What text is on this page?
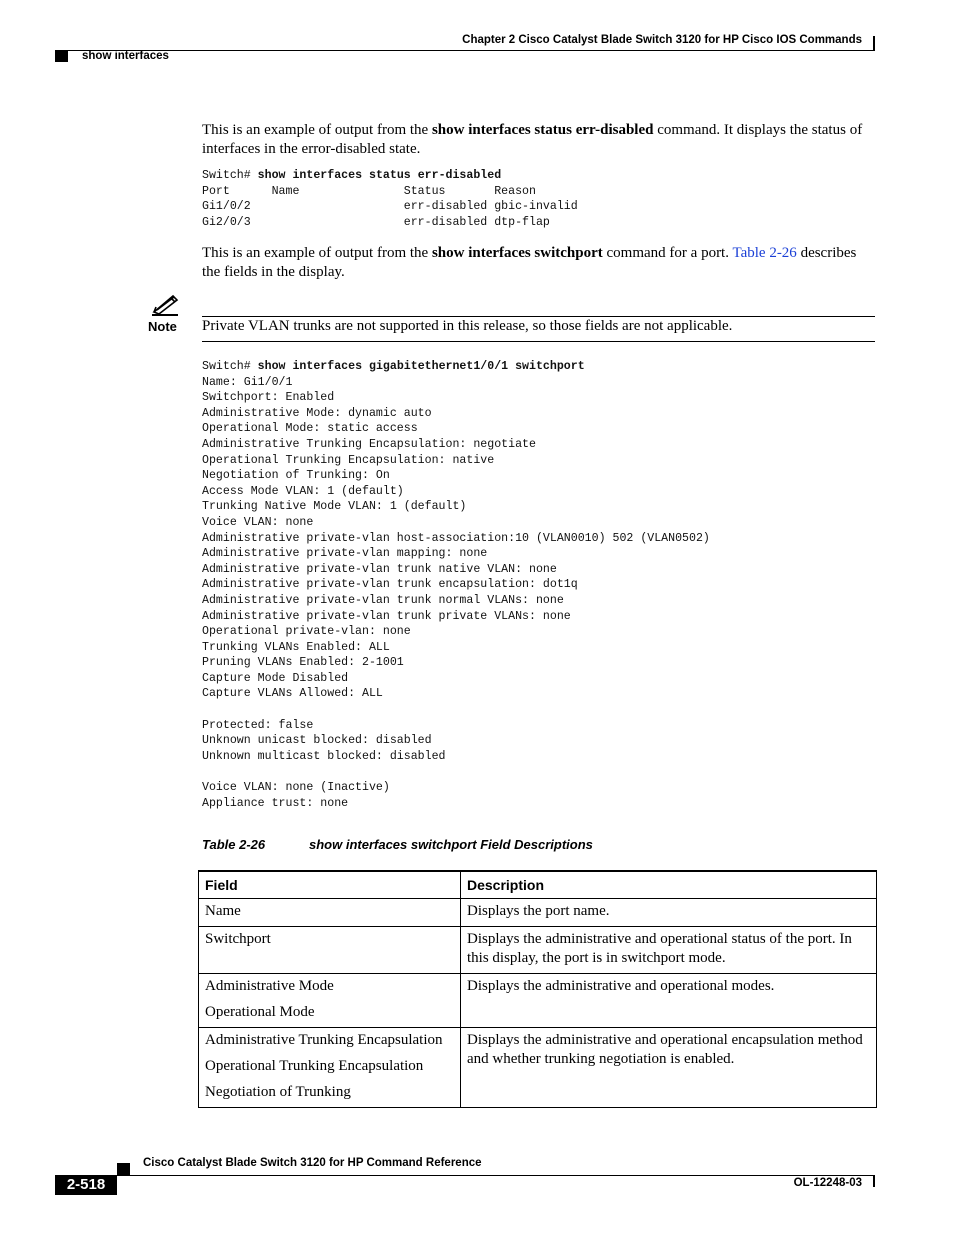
Chapter 2 Cisco Catalyst Blade Switch 3120 for HP Cisco IOS Commands
show interfaces

This is an example of output from the show interfaces status err-disabled command. It displays the status of interfaces in the error-disabled state.

Switch# show interfaces status err-disabled
Port      Name               Status       Reason
Gi1/0/2                      err-disabled gbic-invalid
Gi2/0/3                      err-disabled dtp-flap

This is an example of output from the show interfaces switchport command for a port. Table 2-26 describes the fields in the display.

Note Private VLAN trunks are not supported in this release, so those fields are not applicable.
Switch# show interfaces gigabitethernet1/0/1 switchport
Name: Gi1/0/1
Switchport: Enabled
Administrative Mode: dynamic auto
Operational Mode: static access
Administrative Trunking Encapsulation: negotiate
Operational Trunking Encapsulation: native
Negotiation of Trunking: On
Access Mode VLAN: 1 (default)
Trunking Native Mode VLAN: 1 (default)
Voice VLAN: none
Administrative private-vlan host-association:10 (VLAN0010) 502 (VLAN0502)
Administrative private-vlan mapping: none
Administrative private-vlan trunk native VLAN: none
Administrative private-vlan trunk encapsulation: dot1q
Administrative private-vlan trunk normal VLANs: none
Administrative private-vlan trunk private VLANs: none
Operational private-vlan: none
Trunking VLANs Enabled: ALL
Pruning VLANs Enabled: 2-1001
Capture Mode Disabled
Capture VLANs Allowed: ALL

Protected: false
Unknown unicast blocked: disabled
Unknown multicast blocked: disabled

Voice VLAN: none (Inactive)
Appliance trust: none
Table 2-26	show interfaces switchport Field Descriptions
Field	Description

Name	Displays the port name.

Switchport	Displays the administrative and operational status of the port. In this display, the port is in switchport mode.

Administrative Mode
Operational Mode	Displays the administrative and operational modes.

Administrative Trunking Encapsulation
Operational Trunking Encapsulation
Negotiation of Trunking	Displays the administrative and operational encapsulation method and whether trunking negotiation is enabled.
Cisco Catalyst Blade Switch 3120 for HP Command Reference
2-518	OL-12248-03
